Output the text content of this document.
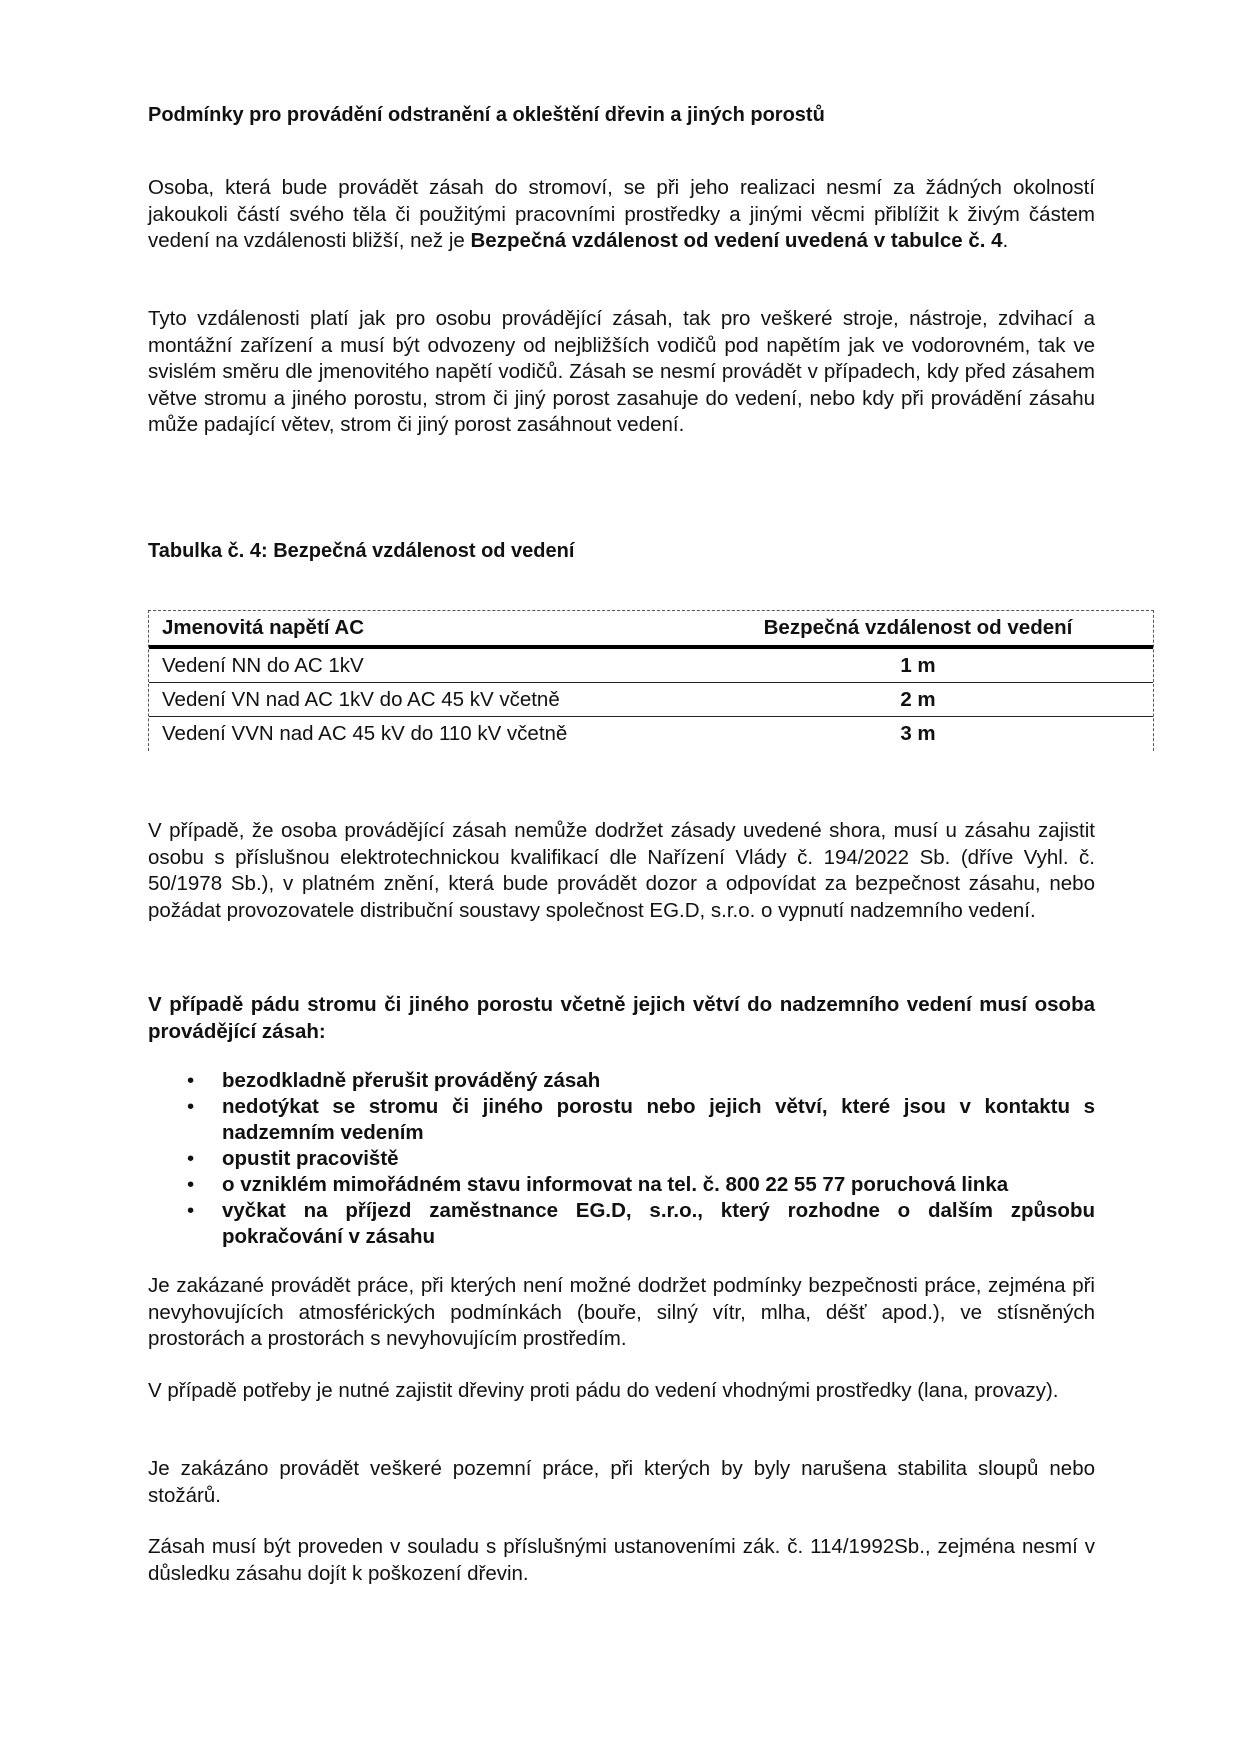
Podmínky pro provádění odstranění a okleštění dřevin a jiných porostů
Osoba, která bude provádět zásah do stromoví, se při jeho realizaci nesmí za žádných okolností jakoukoli částí svého těla či použitými pracovními prostředky a jinými věcmi přiblížit k živým částem vedení na vzdálenosti bližší, než je Bezpečná vzdálenost od vedení uvedená v tabulce č. 4.
Tyto vzdálenosti platí jak pro osobu provádějící zásah, tak pro veškeré stroje, nástroje, zdvihací a montážní zařízení a musí být odvozeny od nejbližších vodičů pod napětím jak ve vodorovném, tak ve svislém směru dle jmenovitého napětí vodičů. Zásah se nesmí provádět v případech, kdy před zásahem větve stromu a jiného porostu, strom či jiný porost zasahuje do vedení, nebo kdy při provádění zásahu může padající větev, strom či jiný porost zasáhnout vedení.
Tabulka č. 4: Bezpečná vzdálenost od vedení
Jmenovitá napětí AC	Bezpečná vzdálenost od vedení
Vedení NN do AC 1kV	1 m
Vedení VN nad AC 1kV do AC 45 kV včetně	2 m
Vedení VVN nad AC 45 kV do 110 kV včetně	3 m
V případě, že osoba provádějící zásah nemůže dodržet zásady uvedené shora, musí u zásahu zajistit osobu s příslušnou elektrotechnickou kvalifikací dle Nařízení Vlády č. 194/2022 Sb. (dříve Vyhl. č. 50/1978 Sb.), v platném znění, která bude provádět dozor a odpovídat za bezpečnost zásahu, nebo požádat provozovatele distribuční soustavy společnost EG.D, s.r.o. o vypnutí nadzemního vedení.
V případě pádu stromu či jiného porostu včetně jejich větví do nadzemního vedení musí osoba provádějící zásah:
• bezodkladně přerušit prováděný zásah
• nedotýkat se stromu či jiného porostu nebo jejich větví, které jsou v kontaktu s nadzemním vedením
• opustit pracoviště
• o vzniklém mimořádném stavu informovat na tel. č. 800 22 55 77 poruchová linka
• vyčkat na příjezd zaměstnance EG.D, s.r.o., který rozhodne o dalším způsobu pokračování v zásahu
Je zakázané provádět práce, při kterých není možné dodržet podmínky bezpečnosti práce, zejména při nevyhovujících atmosférických podmínkách (bouře, silný vítr, mlha, déšť apod.), ve stísněných prostorách a prostorách s nevyhovujícím prostředím.
V případě potřeby je nutné zajistit dřeviny proti pádu do vedení vhodnými prostředky (lana, provazy).
Je zakázáno provádět veškeré pozemní práce, při kterých by byly narušena stabilita sloupů nebo stožárů.
Zásah musí být proveden v souladu s příslušnými ustanoveními zák. č. 114/1992Sb., zejména nesmí v důsledku zásahu dojít k poškození dřevin.
